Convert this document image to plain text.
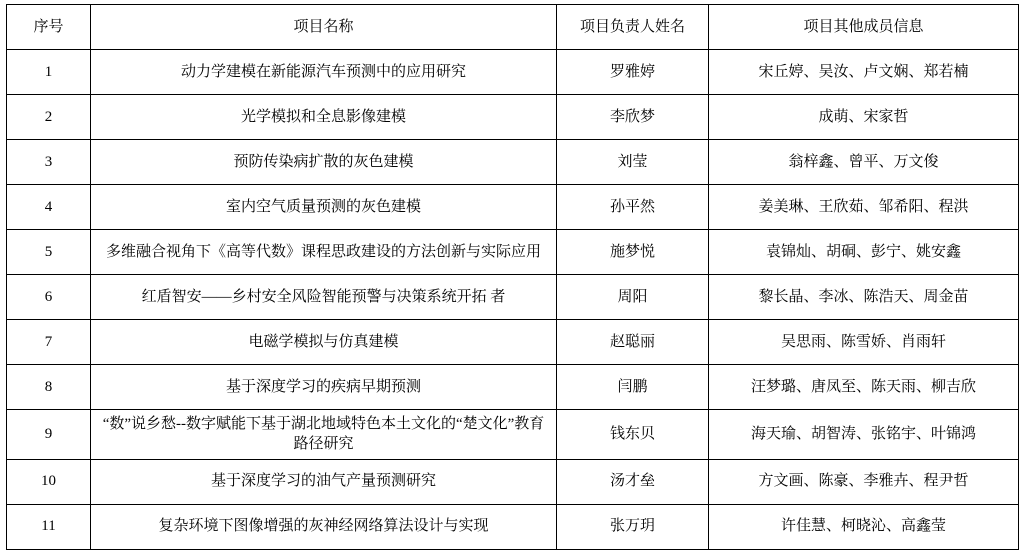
序号	项目名称	项目负责人姓名	项目其他成员信息
1	动力学建模在新能源汽车预测中的应用研究	罗雅婷	宋丘婷、吴汝、卢文娴、郑若楠
2	光学模拟和全息影像建模	李欣梦	成萌、宋家哲
3	预防传染病扩散的灰色建模	刘莹	翁梓鑫、曾平、万文俊
4	室内空气质量预测的灰色建模	孙平然	姜美琳、王欣茹、邹希阳、程洪
5	多维融合视角下《高等代数》课程思政建设的方法创新与实际应用	施梦悦	袁锦灿、胡硐、彭宁、姚安鑫
6	红盾智安——乡村安全风险智能预警与决策系统开拓 者	周阳	黎长晶、李冰、陈浩天、周金苗
7	电磁学模拟与仿真建模	赵聪丽	吴思雨、陈雪娇、肖雨轩
8	基于深度学习的疾病早期预测	闫鹏	汪梦璐、唐凤至、陈天雨、柳吉欣
9	“数”说乡愁--数字赋能下基于湖北地域特色本土文化的“楚文化”教育路径研究	钱东贝	海天瑜、胡智涛、张铭宇、叶锦鸿
10	基于深度学习的油气产量预测研究	汤才垒	方文画、陈豪、李雅卉、程尹哲
11	复杂环境下图像增强的灰神经网络算法设计与实现	张万玥	许佳慧、柯晓沁、高鑫莹
